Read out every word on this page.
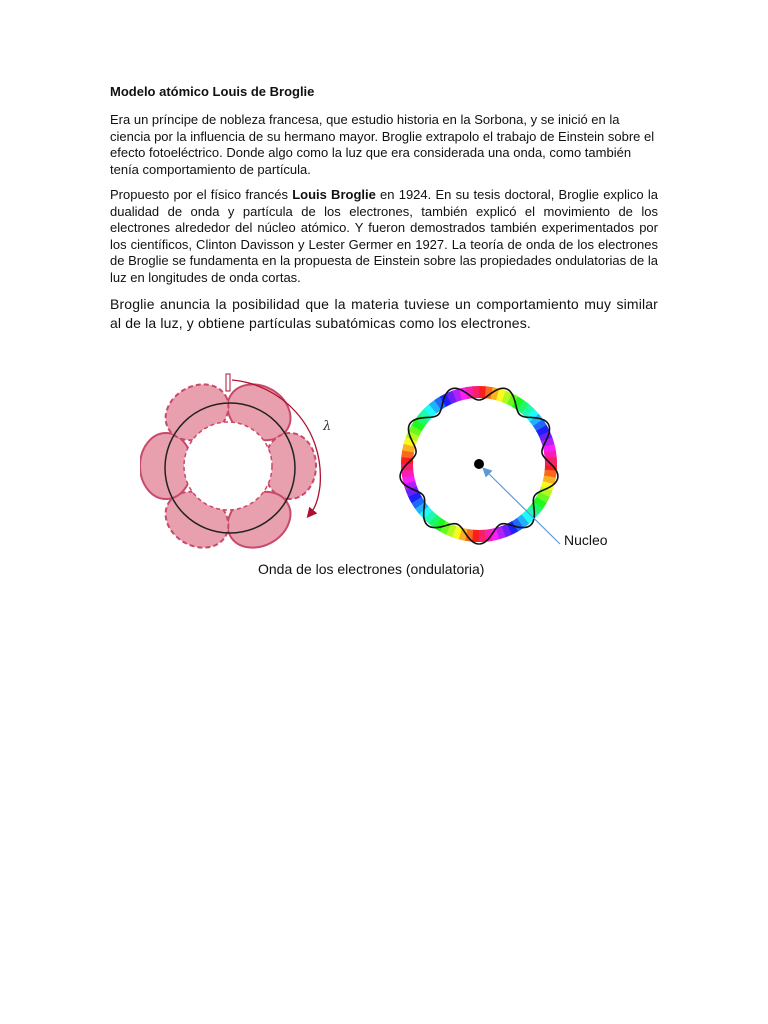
Modelo atómico Louis de Broglie

Era un príncipe de nobleza francesa, que estudio historia en la Sorbona, y se inició en la ciencia por la influencia de su hermano mayor. Broglie extrapolo el trabajo de Einstein sobre el efecto fotoeléctrico. Donde algo como la luz que era considerada una onda, como también tenía comportamiento de partícula.

Propuesto por el físico francés Louis Broglie en 1924. En su tesis doctoral, Broglie explico la dualidad de onda y partícula de los electrones, también explicó el movimiento de los electrones alrededor del núcleo atómico. Y fueron demostrados también experimentados por los científicos, Clinton Davisson y Lester Germer en 1927. La teoría de onda de los electrones de Broglie se fundamenta en la propuesta de Einstein sobre las propiedades ondulatorias de la luz en longitudes de onda cortas.

Broglie anuncia la posibilidad que la materia tuviese un comportamiento muy similar al de la luz, y obtiene partículas subatómicas como los electrones.

λ
Nucleo
Onda de los electrones (ondulatoria)
